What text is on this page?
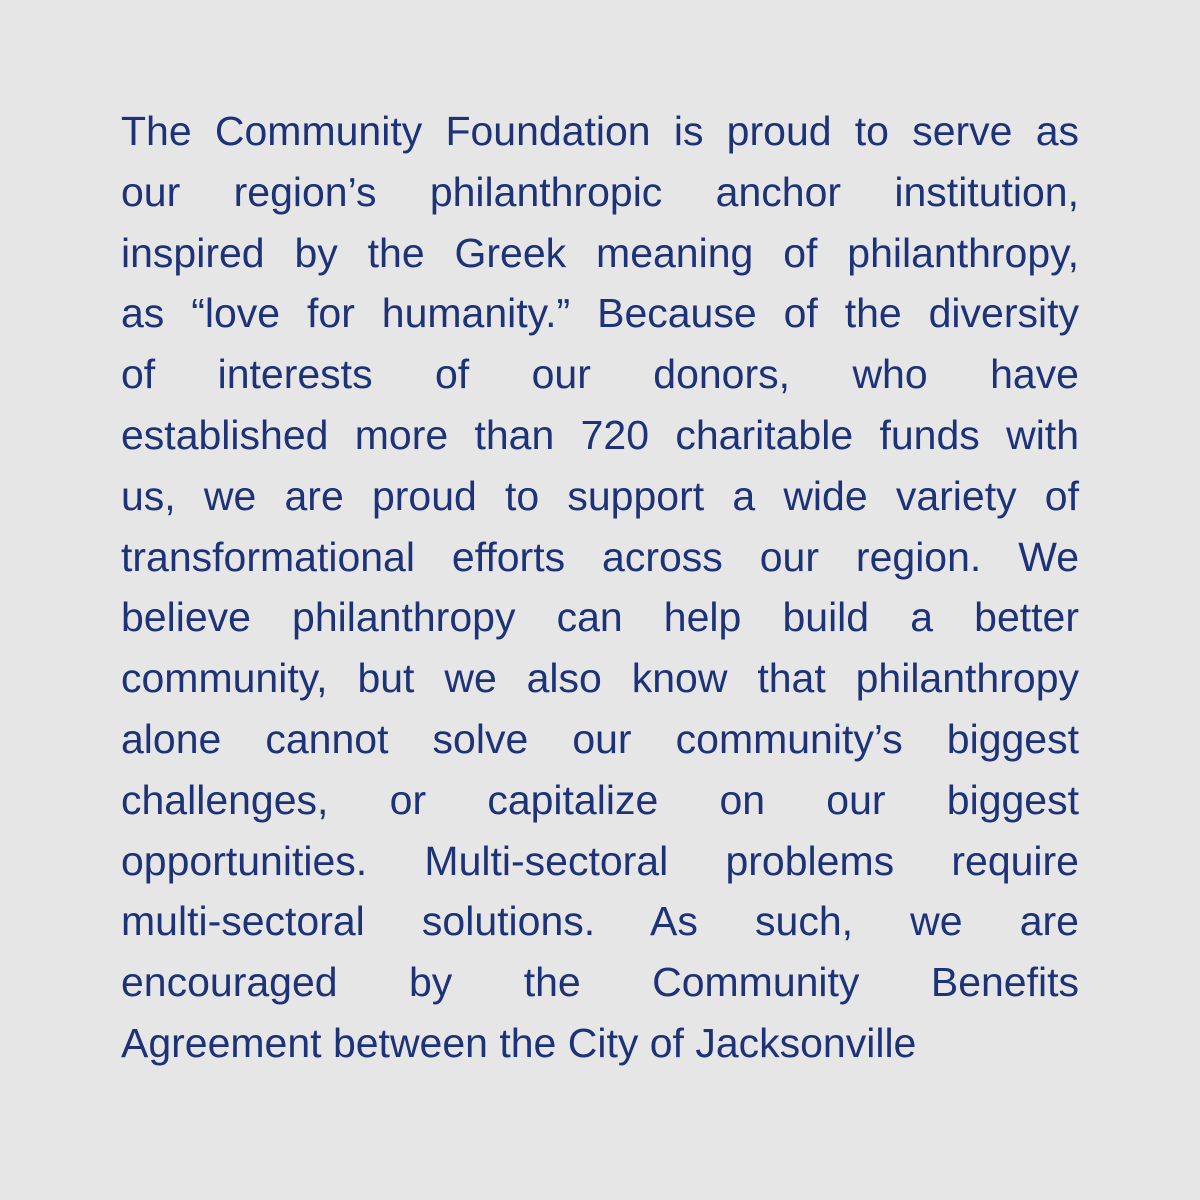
The Community Foundation is proud to serve as
our region’s philanthropic anchor institution,
inspired by the Greek meaning of philanthropy,
as “love for humanity.” Because of the diversity
of interests of our donors, who have
established more than 720 charitable funds with
us, we are proud to support a wide variety of
transformational efforts across our region. We
believe philanthropy can help build a better
community, but we also know that philanthropy
alone cannot solve our community’s biggest
challenges, or capitalize on our biggest
opportunities. Multi-sectoral problems require
multi-sectoral solutions. As such, we are
encouraged by the Community Benefits
Agreement between the City of Jacksonville
